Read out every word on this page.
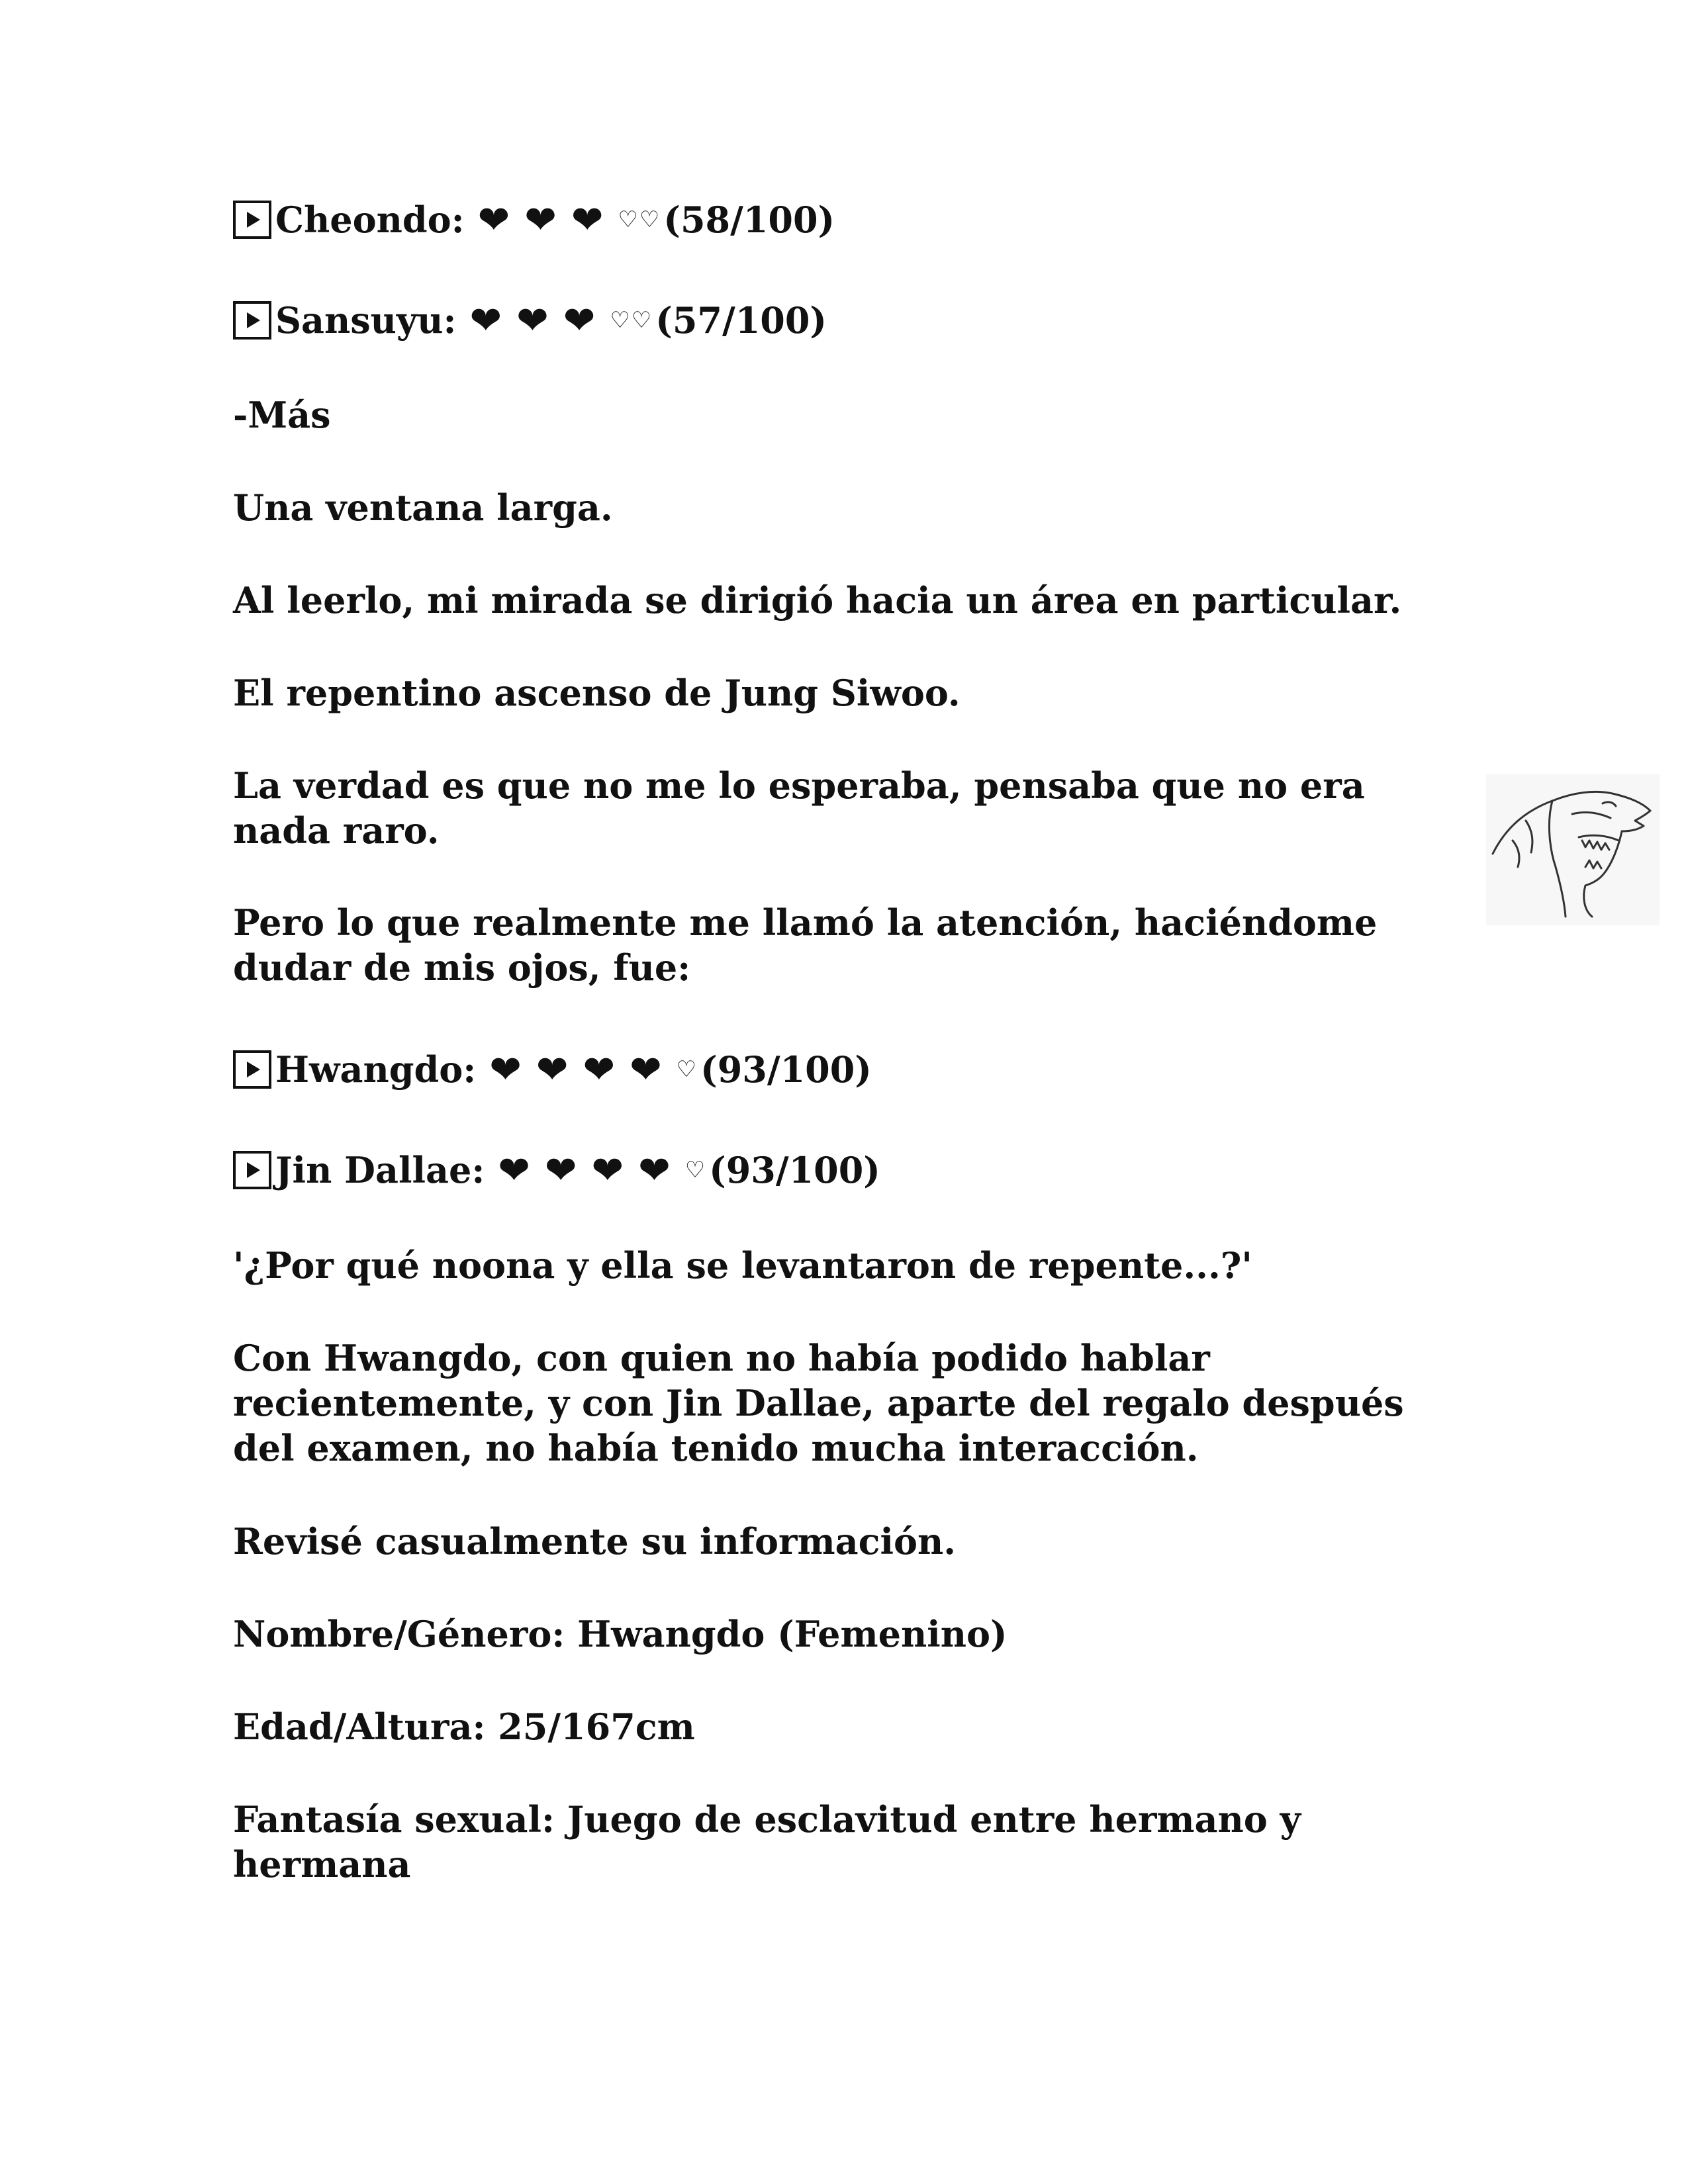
Cheondo: ❤ ❤ ❤ ♡ ♡ (58/100)
Sansuyu: ❤ ❤ ❤ ♡ ♡ (57/100)
-Más
Una ventana larga.
Al leerlo, mi mirada se dirigió hacia un área en particular.
El repentino ascenso de Jung Siwoo.
La verdad es que no me lo esperaba, pensaba que no era nada raro.
Pero lo que realmente me llamó la atención, haciéndome dudar de mis ojos, fue:
Hwangdo: ❤ ❤ ❤ ❤ ♡ (93/100)
Jin Dallae: ❤ ❤ ❤ ❤ ♡ (93/100)
'¿Por qué noona y ella se levantaron de repente...?'
Con Hwangdo, con quien no había podido hablar recientemente, y con Jin Dallae, aparte del regalo después del examen, no había tenido mucha interacción.
Revisé casualmente su información.
Nombre/Género: Hwangdo (Femenino)
Edad/Altura: 25/167cm
Fantasía sexual: Juego de esclavitud entre hermano y hermana
